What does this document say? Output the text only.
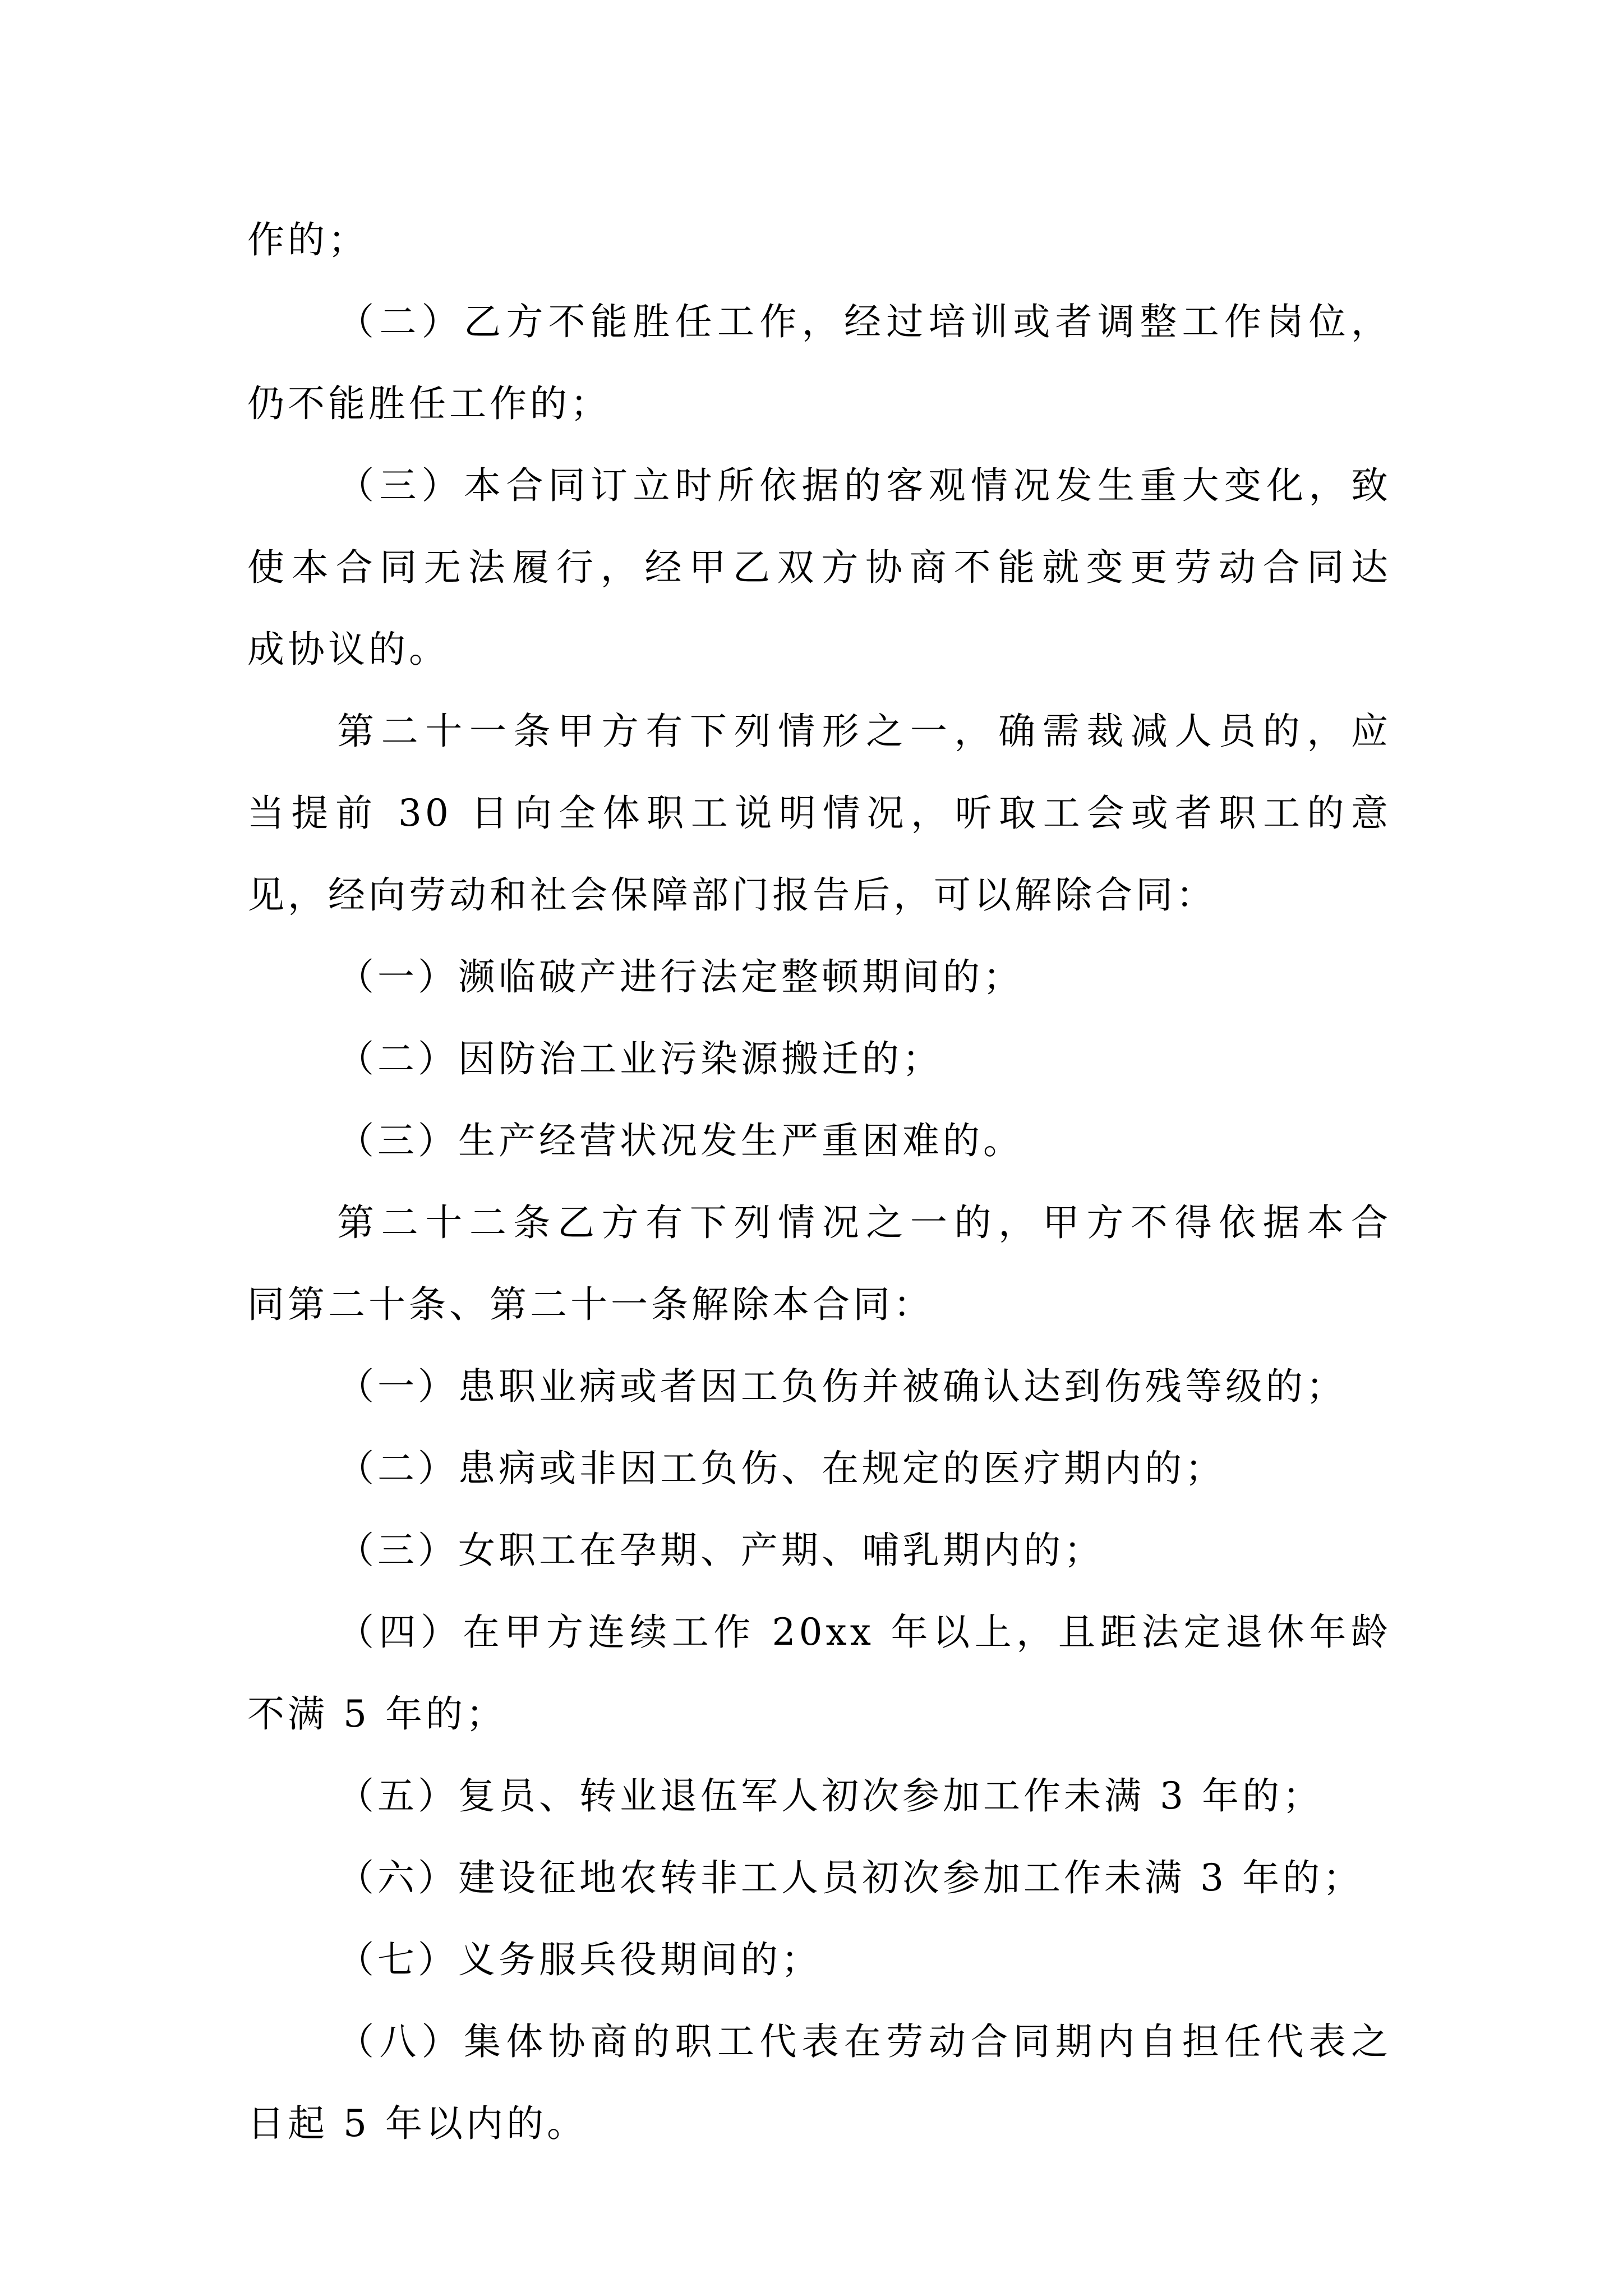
作的；
（二）乙方不能胜任工作，经过培训或者调整工作岗位，
仍不能胜任工作的；
（三）本合同订立时所依据的客观情况发生重大变化，致
使本合同无法履行，经甲乙双方协商不能就变更劳动合同达
成协议的。
第二十一条甲方有下列情形之一，确需裁减人员的，应
当提前 30 日向全体职工说明情况，听取工会或者职工的意
见，经向劳动和社会保障部门报告后，可以解除合同：
（一）濒临破产进行法定整顿期间的；
（二）因防治工业污染源搬迁的；
（三）生产经营状况发生严重困难的。
第二十二条乙方有下列情况之一的，甲方不得依据本合
同第二十条、第二十一条解除本合同：
（一）患职业病或者因工负伤并被确认达到伤残等级的；
（二）患病或非因工负伤、在规定的医疗期内的；
（三）女职工在孕期、产期、哺乳期内的；
（四）在甲方连续工作 20xx 年以上，且距法定退休年龄
不满 5 年的；
（五）复员、转业退伍军人初次参加工作未满 3 年的；
（六）建设征地农转非工人员初次参加工作未满 3 年的；
（七）义务服兵役期间的；
（八）集体协商的职工代表在劳动合同期内自担任代表之
日起 5 年以内的。
